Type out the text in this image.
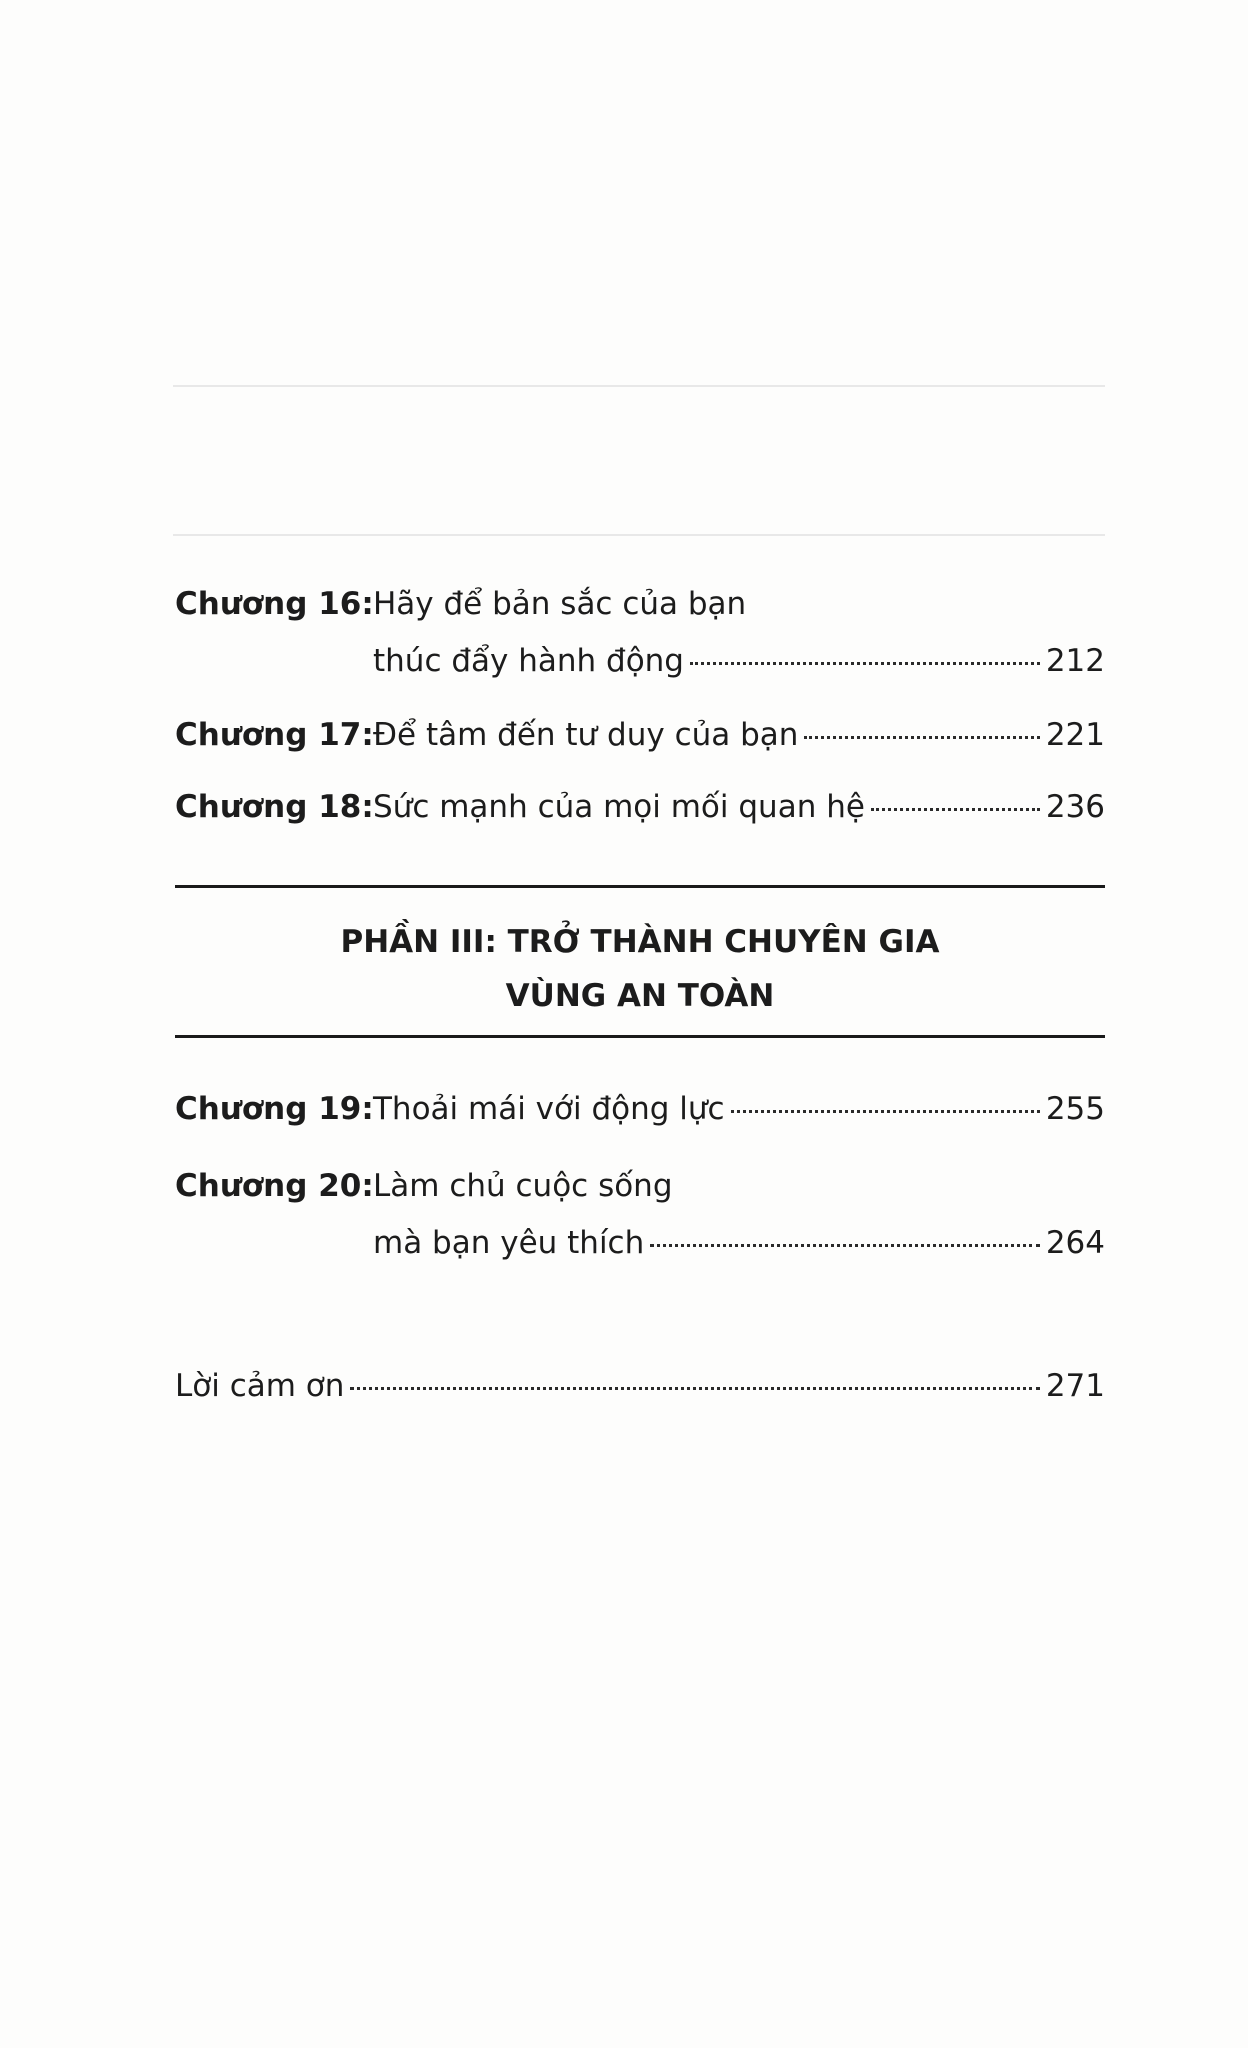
Chương 16: Hãy để bản sắc của bạn
thúc đẩy hành động	212
Chương 17: Để tâm đến tư duy của bạn	221
Chương 18: Sức mạnh của mọi mối quan hệ	236
PHẦN III: TRỞ THÀNH CHUYÊN GIA
VÙNG AN TOÀN
Chương 19: Thoải mái với động lực	255
Chương 20: Làm chủ cuộc sống
mà bạn yêu thích	264
Lời cảm ơn	271
